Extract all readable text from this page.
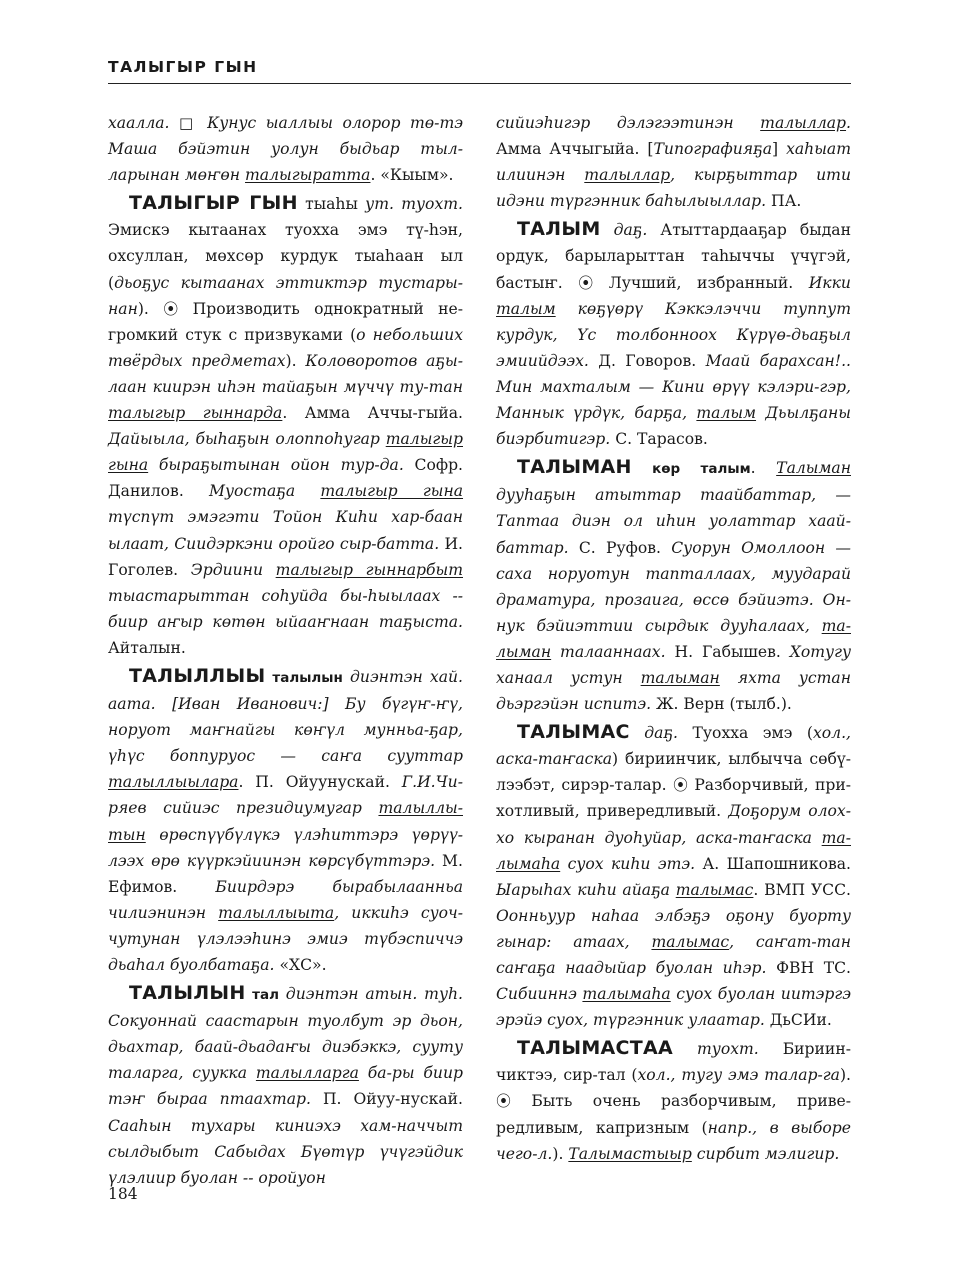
ТАЛЫГЫР ГЫН

хаалла. □ Кунус ыаллыы олорор тө-тэ Маша бэйэтин уолун быдьар тыл-ларынан мөҥөн талыгыратта. «Кыым».

ТАЛЫГЫР ГЫН тыаһы ут. туохт. Эмискэ кытаанах туохха эмэ тү-һэн, охсуллан, мөхсөр курдук тыаһаан ыл (дьоҕус кытаанах эттиктэр тустары-нан). ⦿ Производить однократный не-громкий стук с призвуками (о небольших твёрдых предметах). Коловоротов аҕы-лаан киирэн иһэн тайаҕын мүччү ту-тан талыгыр гыннарда. Амма Аччы-гыйа. Дайыыла, быһаҕын олоппоһугар талыгыр гына быраҕытынан ойон тур-да. Софр. Данилов. Муостаҕа талыгыр гына түспүт эмэгэти Тойон Киһи хар-баан ылаат, Сиидэркэни оройго сыр-батта. И. Гоголев. Эрдиини талыгыр гыннарбыт тыастарыттан соһуйда бы-һыылаах -- биир аҥыр көтөн ыйааҥнаан таҕыста. Айталын.

ТАЛЫЛЛЫЫ талылын диэнтэн хай. аата. [Иван Иванович:] Бу бүгүҥ-ҥү, норуот маҥнайгы көҥүл мунньа-ҕар, үһүс боппуруос — саҥа сууттар талыллыылара. П. Ойуунускай. Г.И.Чи-ряев сийиэс президиумугар талыллы-тын өрөспүүбүлүкэ үлэһиттэрэ үөрүү-лээх өрө күүркэйиинэн көрсүбүттэрэ. М. Ефимов. Биирдэрэ бырабылаанньа чилиэнинэн талыллыыта, иккиһэ суоч-чутунан үлэлээһинэ эмиэ түбэспиччэ дьаһал буолбатаҕа. «ХС».

ТАЛЫЛЫН тал диэнтэн атын. туһ. Сокуоннай саастарын туолбут эр дьон, дьахтар, баай-дьадаҥы диэбэккэ, сууту таларга, суукка талылларга ба-ры биир тэҥ быраа птаахтар. П. Ойуу-нускай. Сааһын тухары киниэхэ хам-наччыт сылдыбыт Сабыдах Бүөтүр үчүгэйдик үлэлиир буолан -- оройуон

сийиэһигэр дэлэгээтинэн талыллар. Амма Аччыгыйа. [Типографияҕа] хаһыат илиинэн талыллар, кырҕыттар ити идэни түргэнник баһылыыллар. ПА.

ТАЛЫМ даҕ. Атыттардааҕар быдан ордук, барыларыттан таһыччы үчүгэй, бастыҥ. ⦿ Лучший, избранный. Икки талым көҕүөрү Кэккэлэччи туппут курдук, Үс толбонноох Күрүө-дьаҕыл эмиийдээх. Д. Говоров. Маай барахсан!.. Мин махталым — Кини өрүү кэлэри-гэр, Маннык үрдүк, барҕа, талым Дьылҕаны биэрбитигэр. С. Тарасов.

ТАЛЫМАН көр талым. Талыман дууһаҕын атыттар таайбаттар, — Таптаа диэн ол иһин уолаттар хаай-баттар. С. Руфов. Суорун Омоллоон — саха норуотун тапталлаах, муударай драматура, прозаига, өссө бэйиэтэ. Он-нук бэйиэттии сырдык дууһалаах, та-лыман талааннаах. Н. Габышев. Хотугу ханаал устун талыман яхта устан дьэргэйэн испитэ. Ж. Верн (тылб.).

ТАЛЫМАС даҕ. Туохха эмэ (хол., аска-таҥаска) бириинчик, ылбычча сөбү-лээбэт, сирэр-талар. ⦿ Разборчивый, при-хотливый, привередливый. Доҕорум олох-хо кыранан дуоһуйар, аска-таҥаска та-лымаһа суох киһи этэ. А. Шапошникова. Ыарыһах киһи айаҕа талымас. ВМП УСС. Оонньуур наһаа элбэҕэ оҕону буорту гынар: атаах, талымас, саҥат-тан саҥаҕа наадыйар буолан иһэр. ФВН ТС. Сибииннэ талымаһа суох буолан иитэргэ эрэйэ суох, түргэнник улаатар. ДьСИи.

ТАЛЫМАСТАА туохт. Бириин-чиктээ, сир-тал (хол., тугу эмэ талар-га). ⦿ Быть очень разборчивым, приве-редливым, капризным (напр., в выборе чего-л.). Талымастыыр сирбит мэлигир.

184
